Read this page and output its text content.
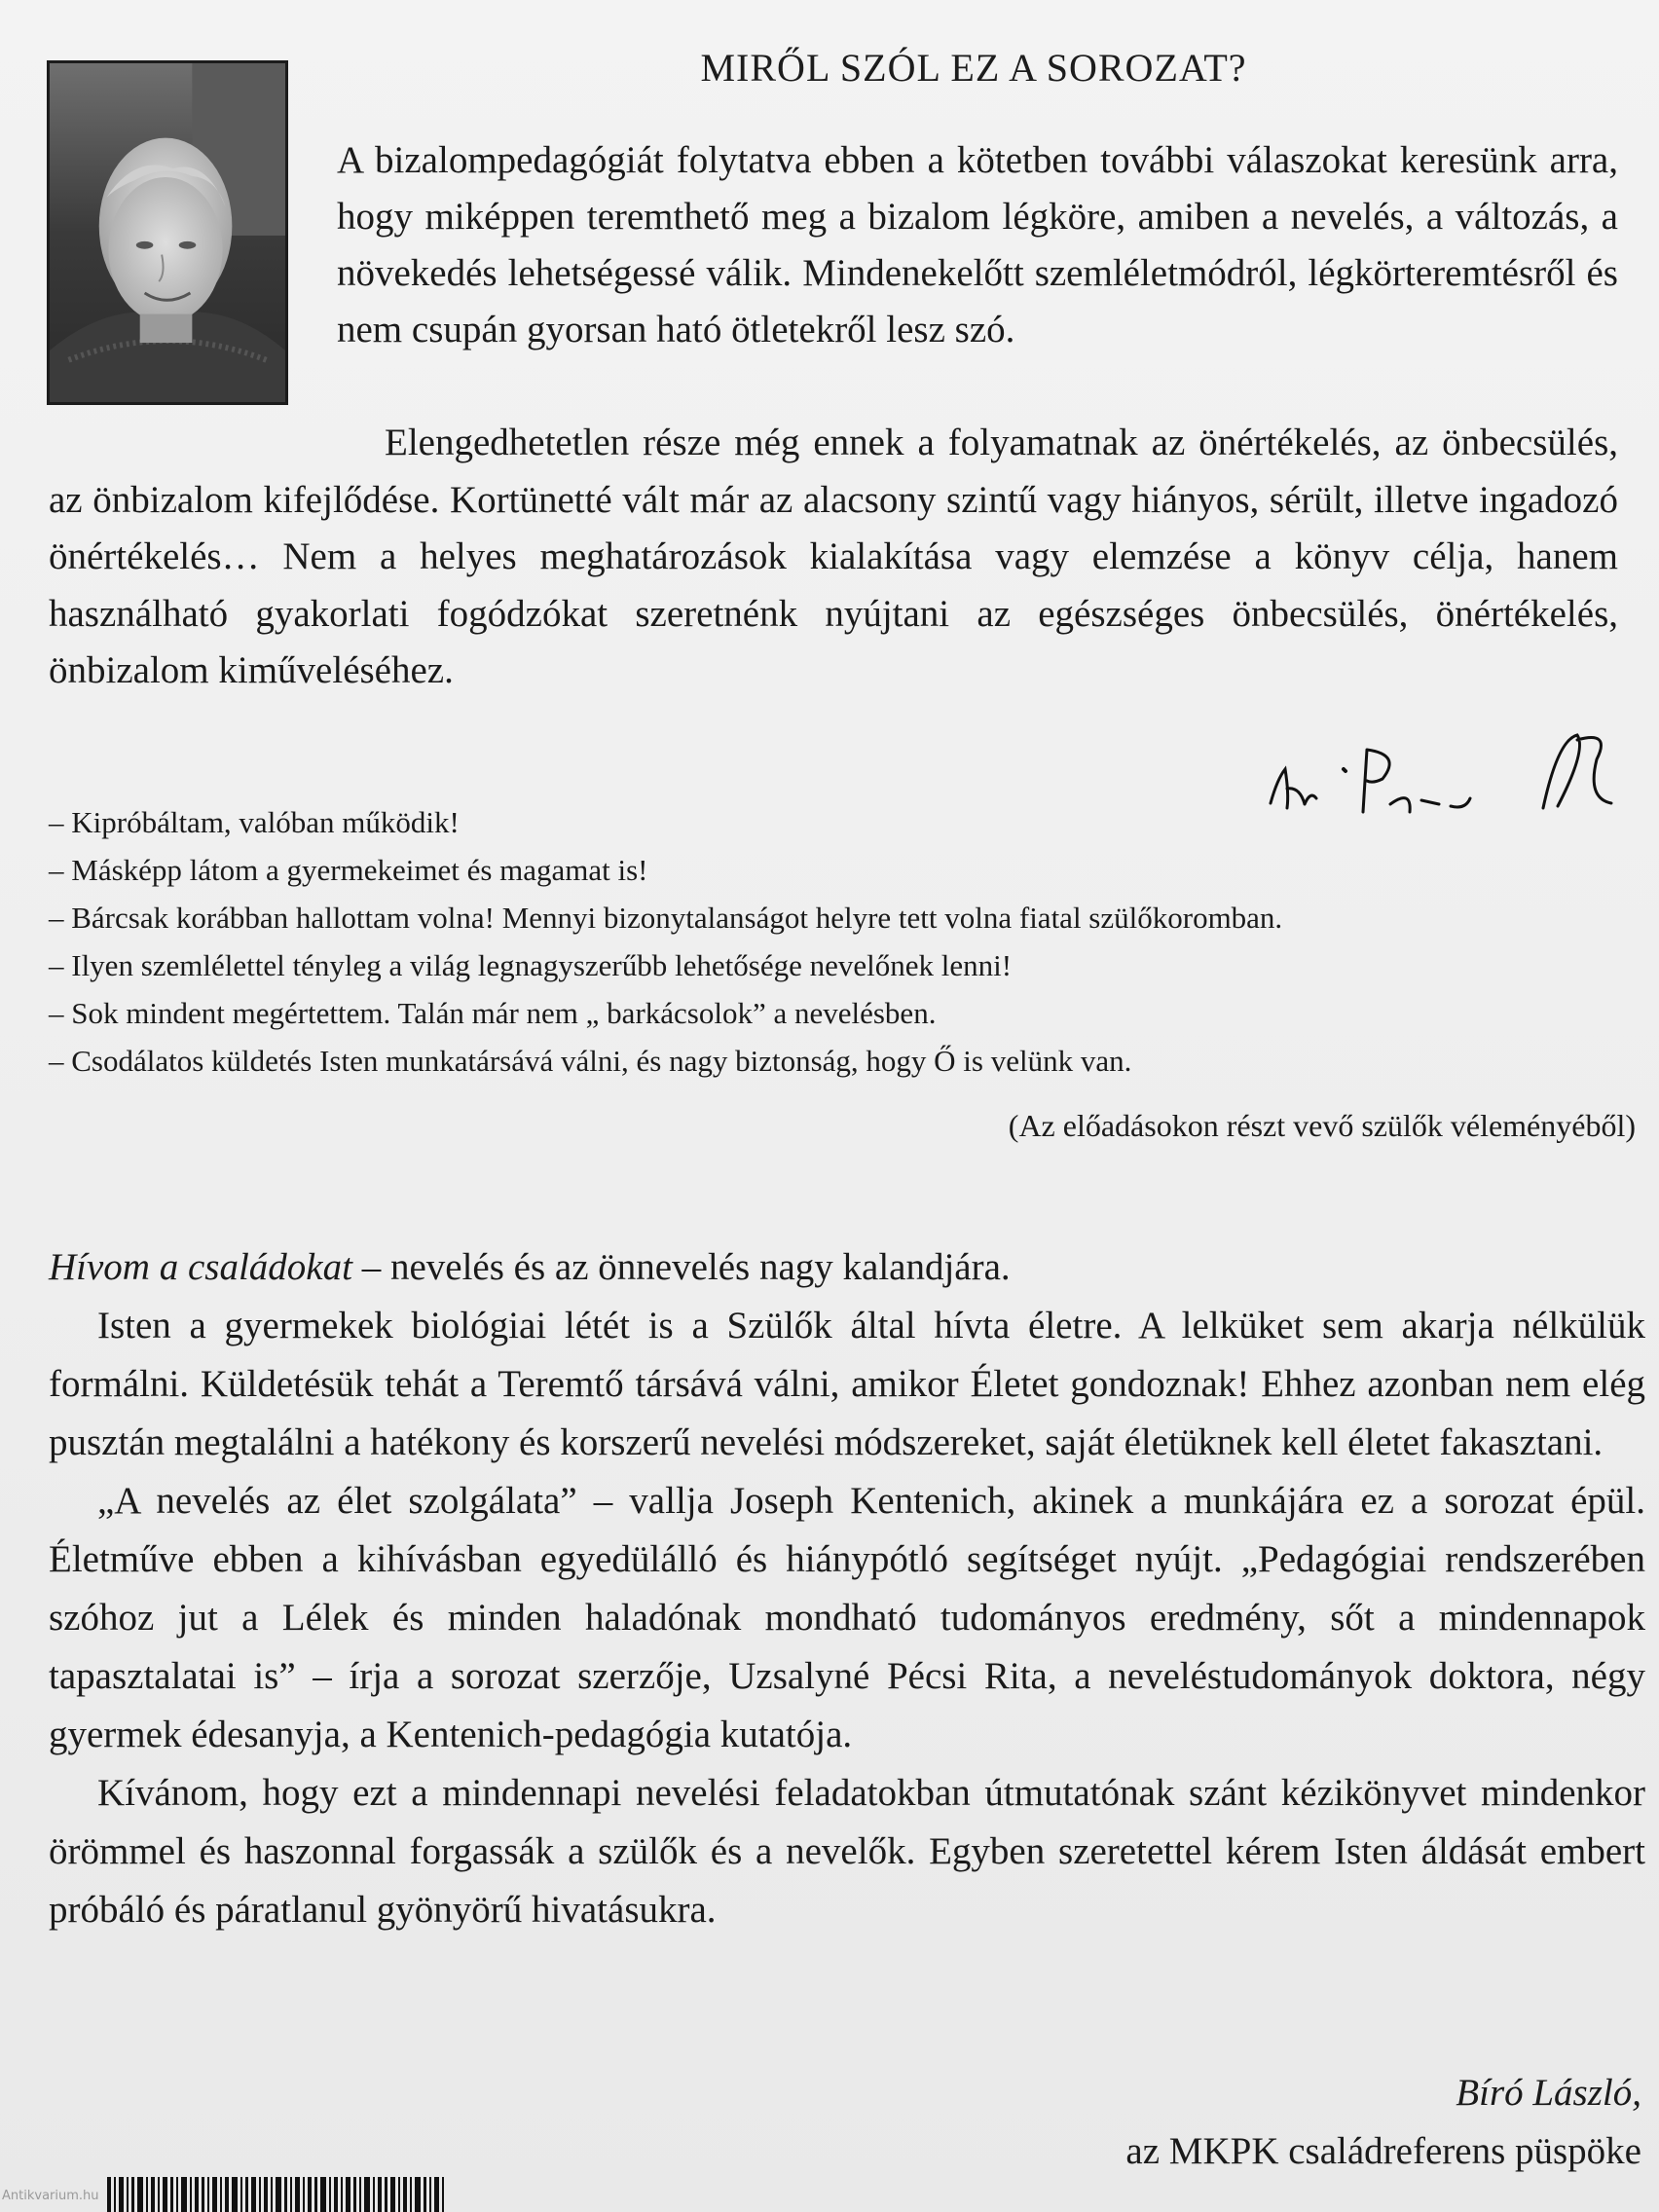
MIRŐL SZÓL EZ A SOROZAT?

A bizalompedagógiát folytatva ebben a kötetben további válaszokat keresünk arra, hogy miképpen teremthető meg a bizalom légköre, amiben a nevelés, a változás, a növekedés lehetségessé válik. Mindenekelőtt szemléletmódról, légkörteremtésről és nem csupán gyorsan ható ötletekről lesz szó.

Elengedhetetlen része még ennek a folyamatnak az önértékelés, az önbecsülés, az önbizalom kifejlődése. Kortünetté vált már az alacsony szintű vagy hiányos, sérült, illetve ingadozó önértékelés… Nem a helyes meghatározások kialakítása vagy elemzése a könyv célja, hanem használható gyakorlati fogódzókat szeretnénk nyújtani az egészséges önbecsülés, önértékelés, önbizalom kiműveléséhez.

– Kipróbáltam, valóban működik!
– Másképp látom a gyermekeimet és magamat is!
– Bárcsak korábban hallottam volna! Mennyi bizonytalanságot helyre tett volna fiatal szülőkoromban.
– Ilyen szemlélettel tényleg a világ legnagyszerűbb lehetősége nevelőnek lenni!
– Sok mindent megértettem. Talán már nem „ barkácsolok” a nevelésben.
– Csodálatos küldetés Isten munkatársává válni, és nagy biztonság, hogy Ő is velünk van.
(Az előadásokon részt vevő szülők véleményéből)

Hívom a családokat – nevelés és az önnevelés nagy kalandjára.

Isten a gyermekek biológiai létét is a Szülők által hívta életre. A lelküket sem akarja nélkülük formálni. Küldetésük tehát a Teremtő társává válni, amikor Életet gondoznak! Ehhez azonban nem elég pusztán megtalálni a hatékony és korszerű nevelési módszereket, saját életüknek kell életet fakasztani.

„A nevelés az élet szolgálata” – vallja Joseph Kentenich, akinek a munkájára ez a sorozat épül. Életműve ebben a kihívásban egyedülálló és hiánypótló segítséget nyújt. „Pedagógiai rendszerében szóhoz jut a Lélek és minden haladónak mondható tudományos eredmény, sőt a mindennapok tapasztalatai is” – írja a sorozat szerzője, Uzsalyné Pécsi Rita, a neveléstudományok doktora, négy gyermek édesanyja, a Kentenich-pedagógia kutatója.

Kívánom, hogy ezt a mindennapi nevelési feladatokban útmutatónak szánt kézikönyvet mindenkor örömmel és haszonnal forgassák a szülők és a nevelők. Egyben szeretettel kérem Isten áldását embert próbáló és páratlanul gyönyörű hivatásukra.

Bíró László,
az MKPK családreferens püspöke
Antikvarium.hu
